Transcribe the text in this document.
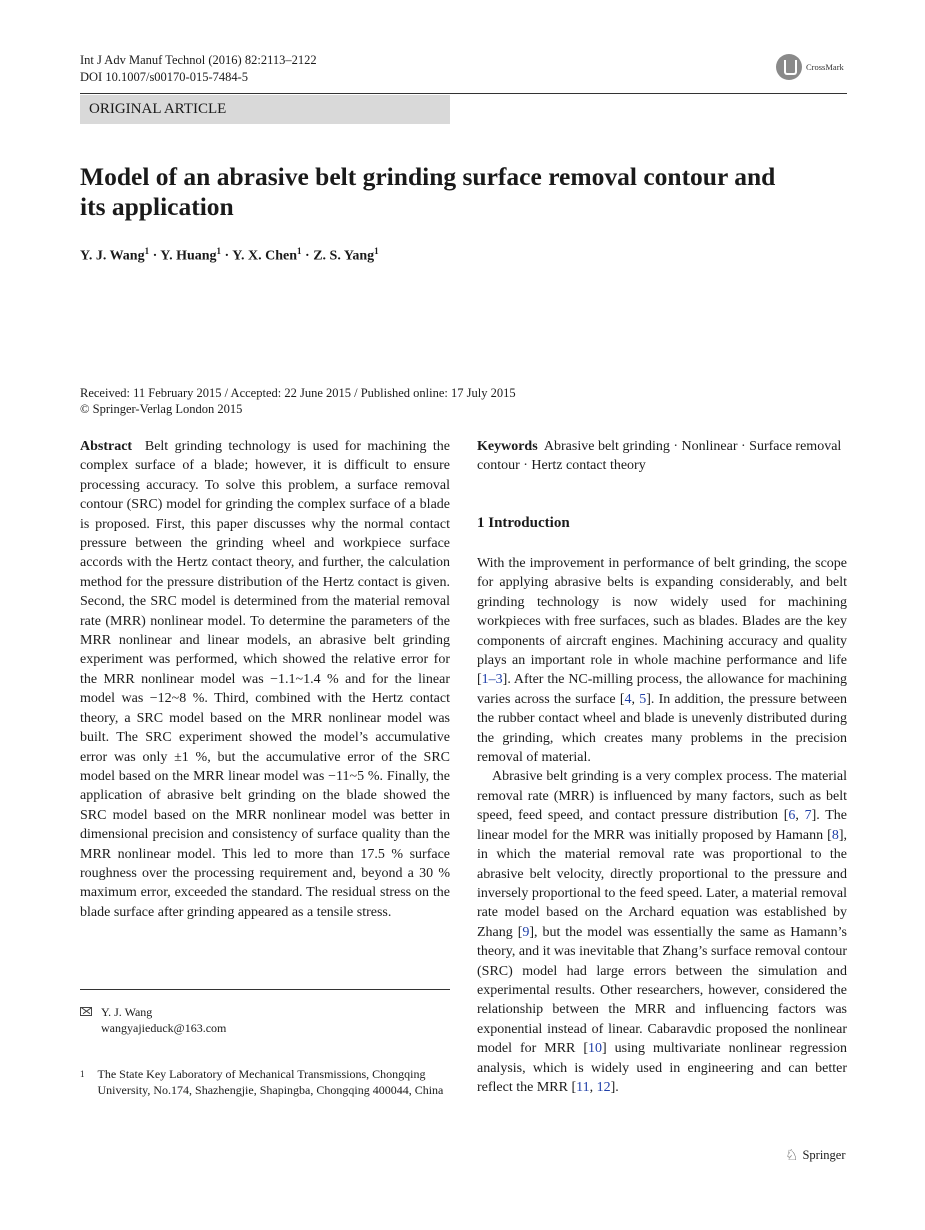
Int J Adv Manuf Technol (2016) 82:2113–2122
DOI 10.1007/s00170-015-7484-5
CrossMark
ORIGINAL ARTICLE
Model of an abrasive belt grinding surface removal contour and its application
Y. J. Wang$^1$ · Y. Huang$^1$ · Y. X. Chen$^1$ · Z. S. Yang$^1$
Received: 11 February 2015 / Accepted: 22 June 2015 / Published online: 17 July 2015
© Springer-Verlag London 2015
Abstract Belt grinding technology is used for machining the complex surface of a blade; however, it is difficult to ensure processing accuracy. To solve this problem, a surface removal contour (SRC) model for grinding the complex surface of a blade is proposed. First, this paper discusses why the normal contact pressure between the grinding wheel and workpiece surface accords with the Hertz contact theory, and further, the calculation method for the pressure distribution of the Hertz contact is given. Second, the SRC model is determined from the material removal rate (MRR) nonlinear model. To determine the parameters of the MRR nonlinear and linear models, an abrasive belt grinding experiment was performed, which showed the relative error for the MRR nonlinear model was −1.1~1.4 % and for the linear model was −12~8 %. Third, combined with the Hertz contact theory, a SRC model based on the MRR nonlinear model was built. The SRC experiment showed the model’s accumulative error was only ±1 %, but the accumulative error of the SRC model based on the MRR linear model was −11~5 %. Finally, the application of abrasive belt grinding on the blade showed the SRC model based on the MRR nonlinear model was better in dimensional precision and consistency of surface quality than the MRR nonlinear model. This led to more than 17.5 % surface roughness over the processing requirement and, beyond a 30 % maximum error, exceeded the standard. The residual stress on the blade surface after grinding appeared as a tensile stress.
Keywords Abrasive belt grinding · Nonlinear · Surface removal contour · Hertz contact theory
1 Introduction

With the improvement in performance of belt grinding, the scope for applying abrasive belts is expanding considerably, and belt grinding technology is now widely used for machining workpieces with free surfaces, such as blades. Blades are the key components of aircraft engines. Machining accuracy and quality plays an important role in whole machine performance and life [1–3]. After the NC-milling process, the allowance for machining varies across the surface [4, 5]. In addition, the pressure between the rubber contact wheel and blade is unevenly distributed during the grinding, which creates many problems in the precision removal of material.

Abrasive belt grinding is a very complex process. The material removal rate (MRR) is influenced by many factors, such as belt speed, feed speed, and contact pressure distribution [6, 7]. The linear model for the MRR was initially proposed by Hamann [8], in which the material removal rate was proportional to the abrasive belt velocity, directly proportional to the pressure and inversely proportional to the feed speed. Later, a material removal rate model based on the Archard equation was established by Zhang [9], but the model was essentially the same as Hamann’s theory, and it was inevitable that Zhang’s surface removal contour (SRC) model had large errors between the simulation and experimental results. Other researchers, however, considered the relationship between the MRR and influencing factors was exponential instead of linear. Cabaravdic proposed the nonlinear model for MRR [10] using multivariate nonlinear regression analysis, which is widely used in engineering and can better reflect the MRR [11, 12].

Y. J. Wang
wangyajieduck@163.com
1 The State Key Laboratory of Mechanical Transmissions, Chongqing University, No.174, Shazhengjie, Shapingba, Chongqing 400044, China
♘ Springer
